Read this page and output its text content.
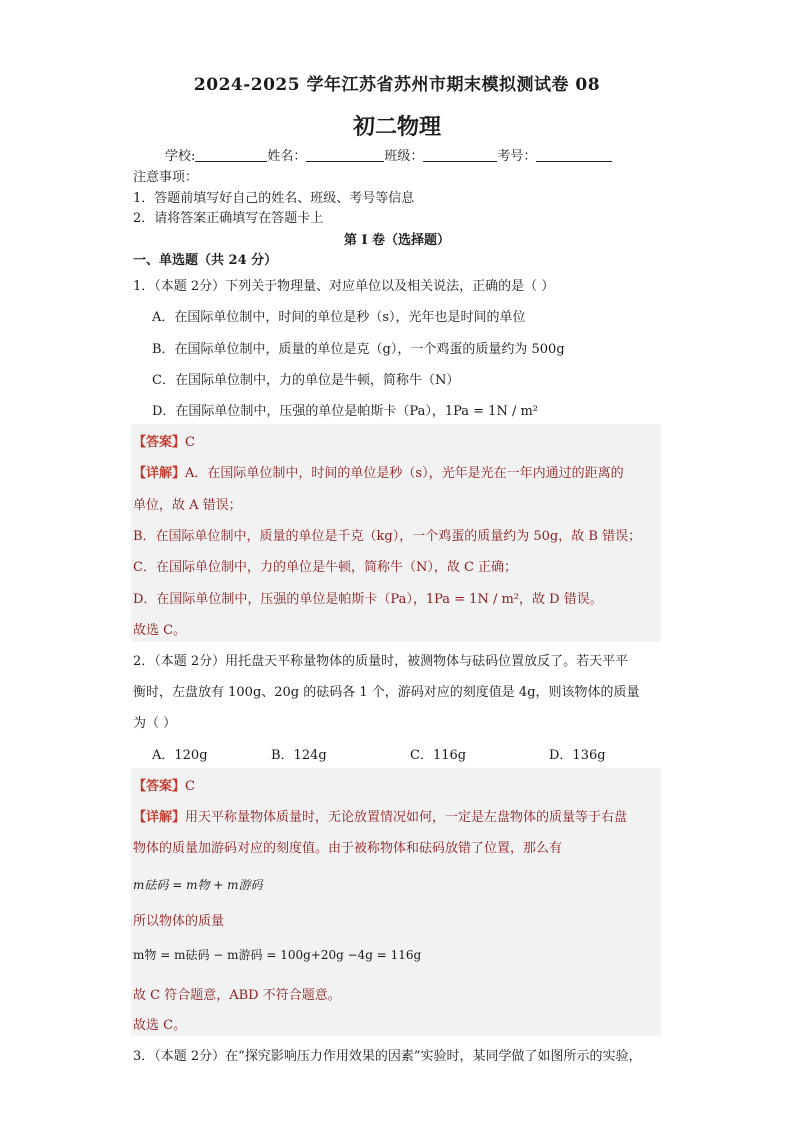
2024-2025 学年江苏省苏州市期末模拟测试卷 08
初二物理
学校:	姓名：	班级：	考号：
注意事项：
1．答题前填写好自己的姓名、班级、考号等信息
2．请将答案正确填写在答题卡上
第 I 卷（选择题）
一、单选题（共 24 分）
1．（本题 2分）下列关于物理量、对应单位以及相关说法，正确的是（ ）
A．在国际单位制中，时间的单位是秒（s），光年也是时间的单位
B．在国际单位制中，质量的单位是克（g），一个鸡蛋的质量约为 500g
C．在国际单位制中，力的单位是牛顿，简称牛（N）
D．在国际单位制中，压强的单位是帕斯卡（Pa），1Pa = 1N / m²
【答案】C
【详解】A．在国际单位制中，时间的单位是秒（s），光年是光在一年内通过的距离的
单位，故 A 错误；
B．在国际单位制中，质量的单位是千克（kg），一个鸡蛋的质量约为 50g，故 B 错误；
C．在国际单位制中，力的单位是牛顿，简称牛（N），故 C 正确；
D．在国际单位制中，压强的单位是帕斯卡（Pa），1Pa = 1N / m²，故 D 错误。
故选 C。
2．（本题 2分）用托盘天平称量物体的质量时，被测物体与砝码位置放反了。若天平平
衡时，左盘放有 100g、20g 的砝码各 1 个，游码对应的刻度值是 4g，则该物体的质量
为（ ）
A．120g	B．124g	C．116g	D．136g
【答案】C
【详解】用天平称量物体质量时，无论放置情况如何，一定是左盘物体的质量等于右盘
物体的质量加游码对应的刻度值。由于被称物体和砝码放错了位置，那么有
m砝码 = m物 + m游码
所以物体的质量
m物 = m砝码 − m游码 = 100g+20g −4g = 116g
故 C 符合题意，ABD 不符合题意。
故选 C。
3．（本题 2分）在“探究影响压力作用效果的因素”实验时，某同学做了如图所示的实验，
